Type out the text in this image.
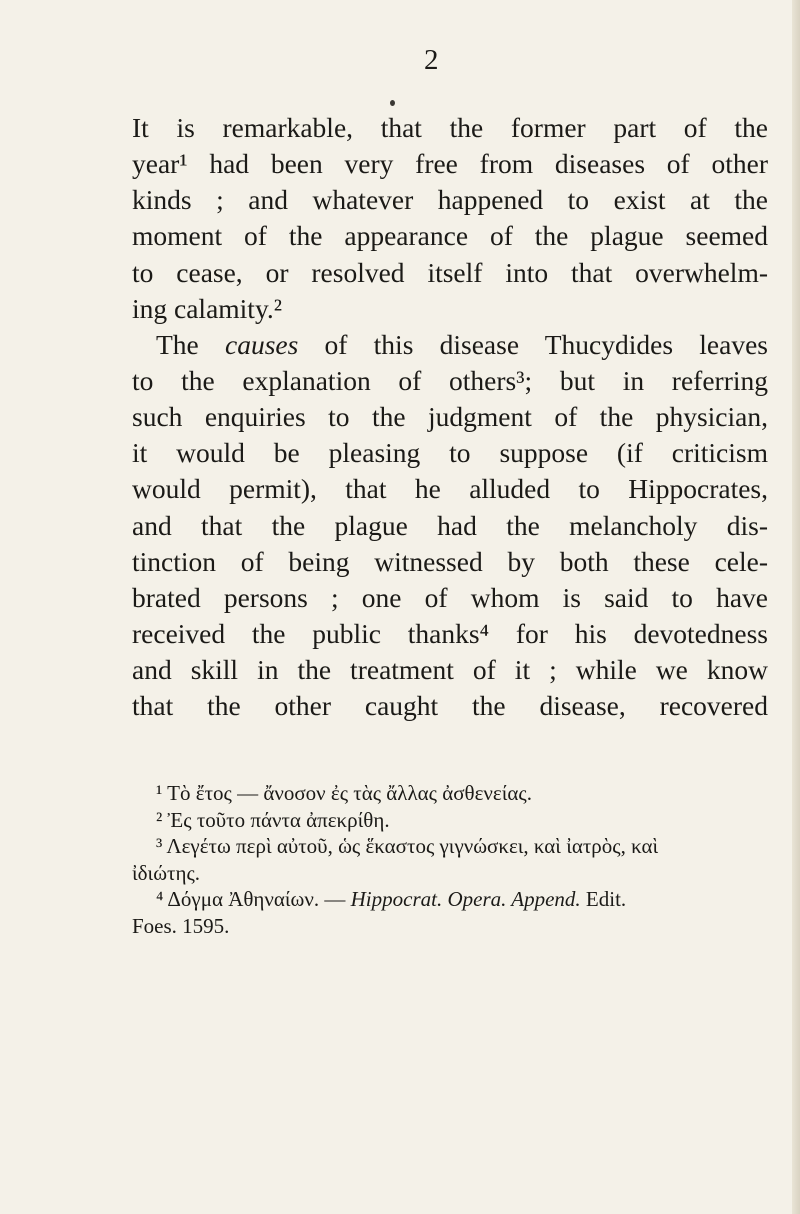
2
It is remarkable, that the former part of the
year¹ had been very free from diseases of other
kinds ; and whatever happened to exist at the
moment of the appearance of the plague seemed
to cease, or resolved itself into that overwhelm-
ing calamity.²
The causes of this disease Thucydides leaves
to the explanation of others³; but in referring
such enquiries to the judgment of the physician,
it would be pleasing to suppose (if criticism
would permit), that he alluded to Hippocrates,
and that the plague had the melancholy dis-
tinction of being witnessed by both these cele-
brated persons ; one of whom is said to have
received the public thanks⁴ for his devotedness
and skill in the treatment of it ; while we know
that the other caught the disease, recovered
¹ Τὸ ἔτος — ἄνοσον ἐς τὰς ἄλλας ἀσθενείας.
² Ἐς τοῦτο πάντα ἀπεκρίθη.
³ Λεγέτω περὶ αὐτοῦ, ὡς ἕκαστος γιγνώσκει, καὶ ἰατρὸς, καὶ
ἰδιώτης.
⁴ Δόγμα Ἀθηναίων. — Hippocrat. Opera. Append. Edit.
Foes. 1595.
